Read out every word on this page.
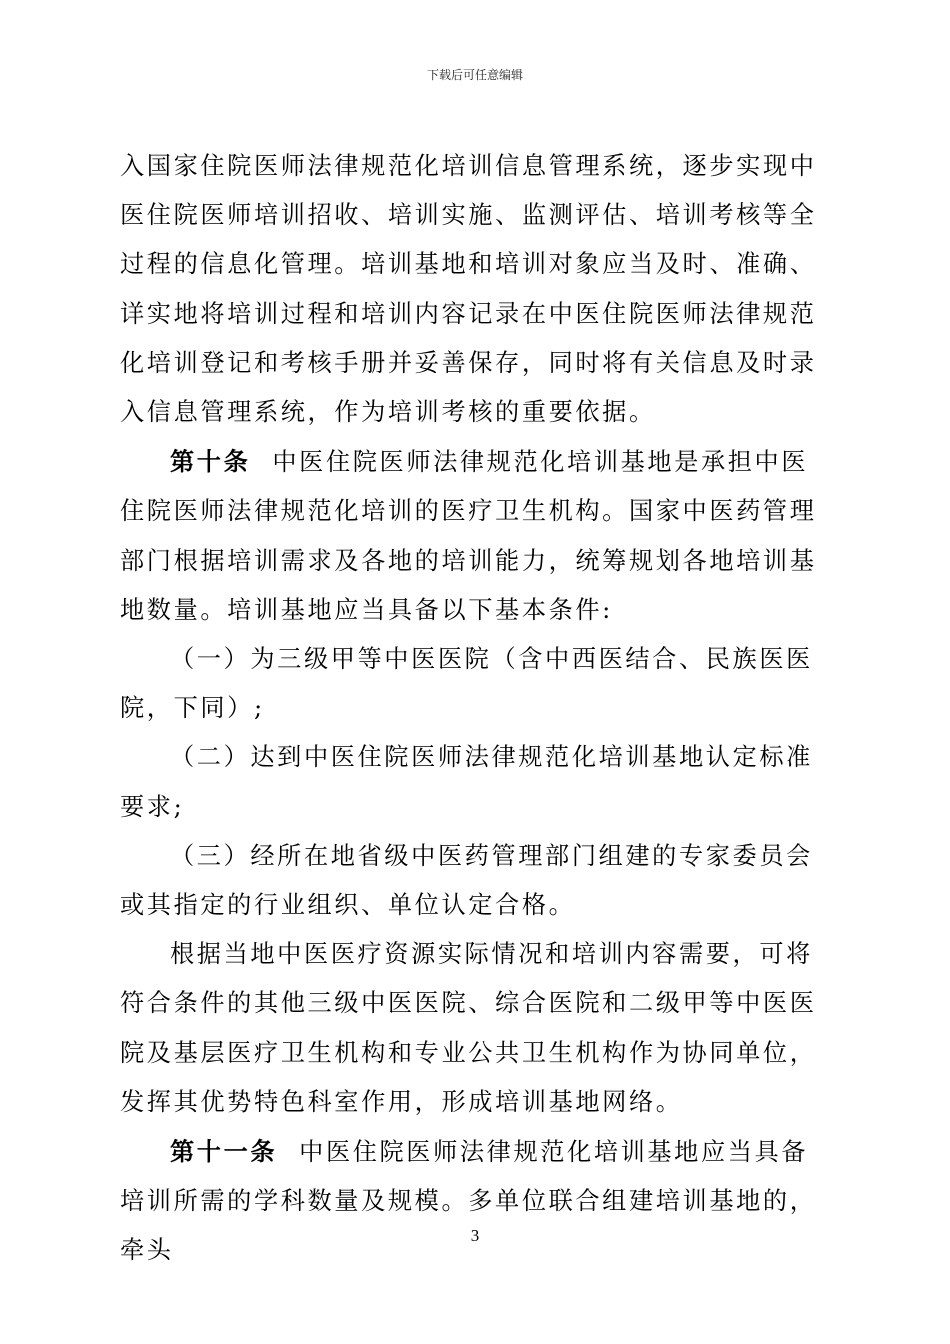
下载后可任意编辑

入国家住院医师法律规范化培训信息管理系统，逐步实现中医住院医师培训招收、培训实施、监测评估、培训考核等全过程的信息化管理。培训基地和培训对象应当及时、准确、详实地将培训过程和培训内容记录在中医住院医师法律规范化培训登记和考核手册并妥善保存，同时将有关信息及时录入信息管理系统，作为培训考核的重要依据。

第十条 中医住院医师法律规范化培训基地是承担中医住院医师法律规范化培训的医疗卫生机构。国家中医药管理部门根据培训需求及各地的培训能力，统筹规划各地培训基地数量。培训基地应当具备以下基本条件:

（一）为三级甲等中医医院（含中西医结合、民族医医院，下同）;

（二）达到中医住院医师法律规范化培训基地认定标准要求;

（三）经所在地省级中医药管理部门组建的专家委员会或其指定的行业组织、单位认定合格。

根据当地中医医疗资源实际情况和培训内容需要，可将符合条件的其他三级中医医院、综合医院和二级甲等中医医院及基层医疗卫生机构和专业公共卫生机构作为协同单位，发挥其优势特色科室作用，形成培训基地网络。

第十一条 中医住院医师法律规范化培训基地应当具备培训所需的学科数量及规模。多单位联合组建培训基地的，牵头

3
